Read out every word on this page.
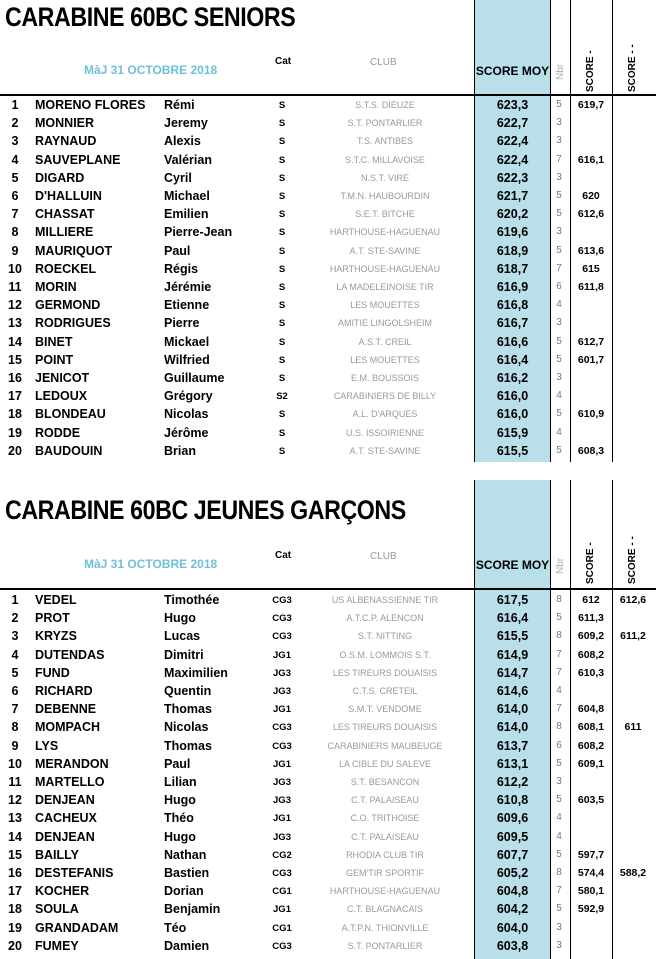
CARABINE 60BC SENIORS
MàJ 31 OCTOBRE 2018
Cat	CLUB
SCORE MOY Nbr SCORE -	SCORE - -
1	MORENO FLORES Rémi	S	S.T.S. DIEUZE	623,3	5	619,7
2	MONNIER	Jeremy	S	S.T. PONTARLIER	622,7	3
3	RAYNAUD	Alexis	S	T.S. ANTIBES	622,4	3
4	SAUVEPLANE	Valérian	S	S.T.C. MILLAVOISE	622,4	7	616,1
5	DIGARD	Cyril	S	N.S.T. VIRE	622,3	3
6	D'HALLUIN	Michael	S	T.M.N. HAUBOURDIN	621,7	5	620
7	CHASSAT	Emilien	S	S.E.T. BITCHE	620,2	5	612,6
8	MILLIERE	Pierre-Jean	S	HARTHOUSE-HAGUENAU	619,6	3
9	MAURIQUOT	Paul	S	A.T. STE-SAVINE	618,9	5	613,6
10 ROECKEL	Régis	S	HARTHOUSE-HAGUENAU	618,7	7	615
11 MORIN	Jérémie	S	LA MADELEINOISE TIR	616,9	6	611,8
12 GERMOND	Etienne	S	LES MOUETTES	616,8	4
13 RODRIGUES	Pierre	S	AMITIE LINGOLSHEIM	616,7	3
14 BINET	Mickael	S	A.S.T. CREIL	616,6	5	612,7
15 POINT	Wilfried	S	LES MOUETTES	616,4	5	601,7
16 JENICOT	Guillaume	S	E.M. BOUSSOIS	616,2	3
17 LEDOUX	Grégory	S2	CARABINIERS DE BILLY	616,0	4
18 BLONDEAU	Nicolas	S	A.L. D'ARQUES	616,0	5	610,9
19 RODDE	Jérôme	S	U.S. ISSOIRIENNE	615,9	4
20 BAUDOUIN	Brian	S	A.T. STE-SAVINE	615,5	5	608,3
CARABINE 60BC JEUNES GARÇONS
MàJ 31 OCTOBRE 2018
Cat	CLUB
SCORE MOY Nbr SCORE -	SCORE - -
1	VEDEL	Timothée	CG3	US ALBENASSIENNE TIR	617,5	8	612	612,6
2	PROT	Hugo	CG3	A.T.C.P. ALENCON	616,4	5	611,3
3	KRYZS	Lucas	CG3	S.T. NITTING	615,5	8	609,2	611,2
4	DUTENDAS	Dimitri	JG1	O.S.M. LOMMOIS S.T.	614,9	7	608,2
5	FUND	Maximilien	JG3	LES TIREURS DOUAISIS	614,7	7	610,3
6	RICHARD	Quentin	JG3	C.T.S. CRETEIL	614,6	4
7	DEBENNE	Thomas	JG1	S.M.T. VENDOME	614,0	7	604,8
8	MOMPACH	Nicolas	CG3	LES TIREURS DOUAISIS	614,0	8	608,1	611
9	LYS	Thomas	CG3	CARABINIERS MAUBEUGE	613,7	6	608,2
10 MERANDON	Paul	JG1	LA CIBLE DU SALEVE	613,1	5	609,1
11 MARTELLO	Lilian	JG3	S.T. BESANCON	612,2	3
12 DENJEAN	Hugo	JG3	C.T. PALAISEAU	610,8	5	603,5
13 CACHEUX	Théo	JG1	C.O. TRITHOISE	609,6	4
14 DENJEAN	Hugo	JG3	C.T. PALAISEAU	609,5	4
15 BAILLY	Nathan	CG2	RHODIA CLUB TIR	607,7	5	597,7
16 DESTEFANIS	Bastien	CG3	GEM'TIR SPORTIF	605,2	8	574,4	588,2
17 KOCHER	Dorian	CG1	HARTHOUSE-HAGUENAU	604,8	7	580,1
18 SOULA	Benjamin	JG1	C.T. BLAGNACAIS	604,2	5	592,9
19 GRANDADAM	Téo	CG1	A.T.P.N. THIONVILLE	604,0	3
20 FUMEY	Damien	CG3	S.T. PONTARLIER	603,8	3
